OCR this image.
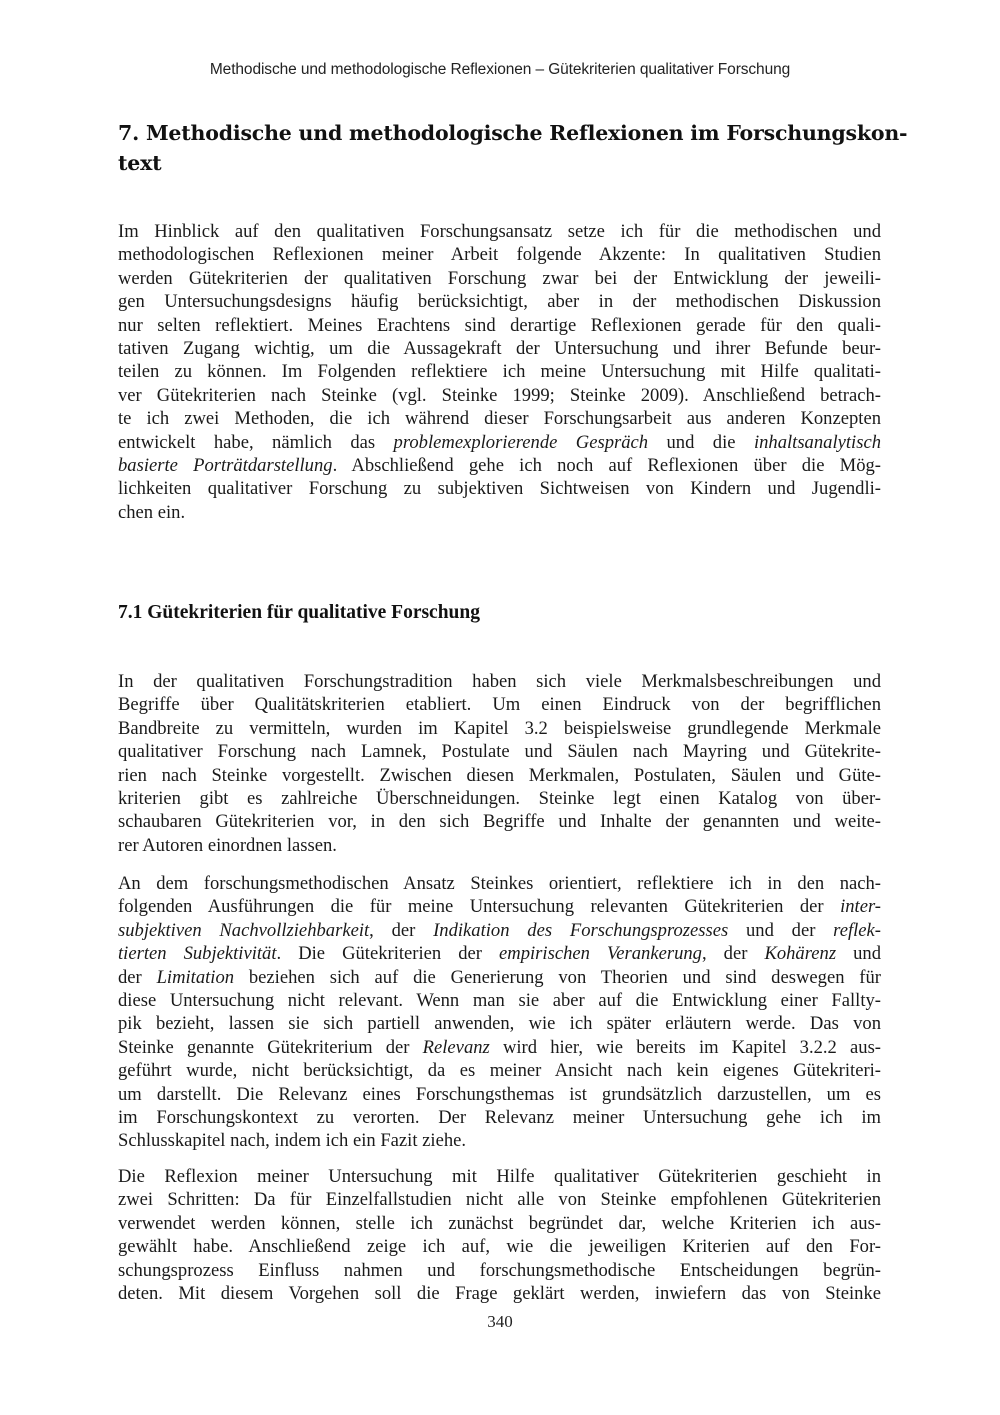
Methodische und methodologische Reflexionen – Gütekriterien qualitativer Forschung
7. Methodische und methodologische Reflexionen im Forschungskon-
text
Im Hinblick auf den qualitativen Forschungsansatz setze ich für die methodischen und
methodologischen Reflexionen meiner Arbeit folgende Akzente: In qualitativen Studien
werden Gütekriterien der qualitativen Forschung zwar bei der Entwicklung der jeweili-
gen Untersuchungsdesigns häufig berücksichtigt, aber in der methodischen Diskussion
nur selten reflektiert. Meines Erachtens sind derartige Reflexionen gerade für den quali-
tativen Zugang wichtig, um die Aussagekraft der Untersuchung und ihrer Befunde beur-
teilen zu können. Im Folgenden reflektiere ich meine Untersuchung mit Hilfe qualitati-
ver Gütekriterien nach Steinke (vgl. Steinke 1999; Steinke 2009). Anschließend betrach-
te ich zwei Methoden, die ich während dieser Forschungsarbeit aus anderen Konzepten
entwickelt habe, nämlich das problemexplorierende Gespräch und die inhaltsanalytisch
basierte Porträtdarstellung. Abschließend gehe ich noch auf Reflexionen über die Mög-
lichkeiten qualitativer Forschung zu subjektiven Sichtweisen von Kindern und Jugendli-
chen ein.
7.1 Gütekriterien für qualitative Forschung
In der qualitativen Forschungstradition haben sich viele Merkmalsbeschreibungen und
Begriffe über Qualitätskriterien etabliert. Um einen Eindruck von der begrifflichen
Bandbreite zu vermitteln, wurden im Kapitel 3.2 beispielsweise grundlegende Merkmale
qualitativer Forschung nach Lamnek, Postulate und Säulen nach Mayring und Gütekrite-
rien nach Steinke vorgestellt. Zwischen diesen Merkmalen, Postulaten, Säulen und Güte-
kriterien gibt es zahlreiche Überschneidungen. Steinke legt einen Katalog von über-
schaubaren Gütekriterien vor, in den sich Begriffe und Inhalte der genannten und weite-
rer Autoren einordnen lassen.
An dem forschungsmethodischen Ansatz Steinkes orientiert, reflektiere ich in den nach-
folgenden Ausführungen die für meine Untersuchung relevanten Gütekriterien der inter-
subjektiven Nachvollziehbarkeit, der Indikation des Forschungsprozesses und der reflek-
tierten Subjektivität. Die Gütekriterien der empirischen Verankerung, der Kohärenz und
der Limitation beziehen sich auf die Generierung von Theorien und sind deswegen für
diese Untersuchung nicht relevant. Wenn man sie aber auf die Entwicklung einer Fallty-
pik bezieht, lassen sie sich partiell anwenden, wie ich später erläutern werde. Das von
Steinke genannte Gütekriterium der Relevanz wird hier, wie bereits im Kapitel 3.2.2 aus-
geführt wurde, nicht berücksichtigt, da es meiner Ansicht nach kein eigenes Gütekriteri-
um darstellt. Die Relevanz eines Forschungsthemas ist grundsätzlich darzustellen, um es
im Forschungskontext zu verorten. Der Relevanz meiner Untersuchung gehe ich im
Schlusskapitel nach, indem ich ein Fazit ziehe.
Die Reflexion meiner Untersuchung mit Hilfe qualitativer Gütekriterien geschieht in
zwei Schritten: Da für Einzelfallstudien nicht alle von Steinke empfohlenen Gütekriterien
verwendet werden können, stelle ich zunächst begründet dar, welche Kriterien ich aus-
gewählt habe. Anschließend zeige ich auf, wie die jeweiligen Kriterien auf den For-
schungsprozess Einfluss nahmen und forschungsmethodische Entscheidungen begrün-
deten. Mit diesem Vorgehen soll die Frage geklärt werden, inwiefern das von Steinke
340
